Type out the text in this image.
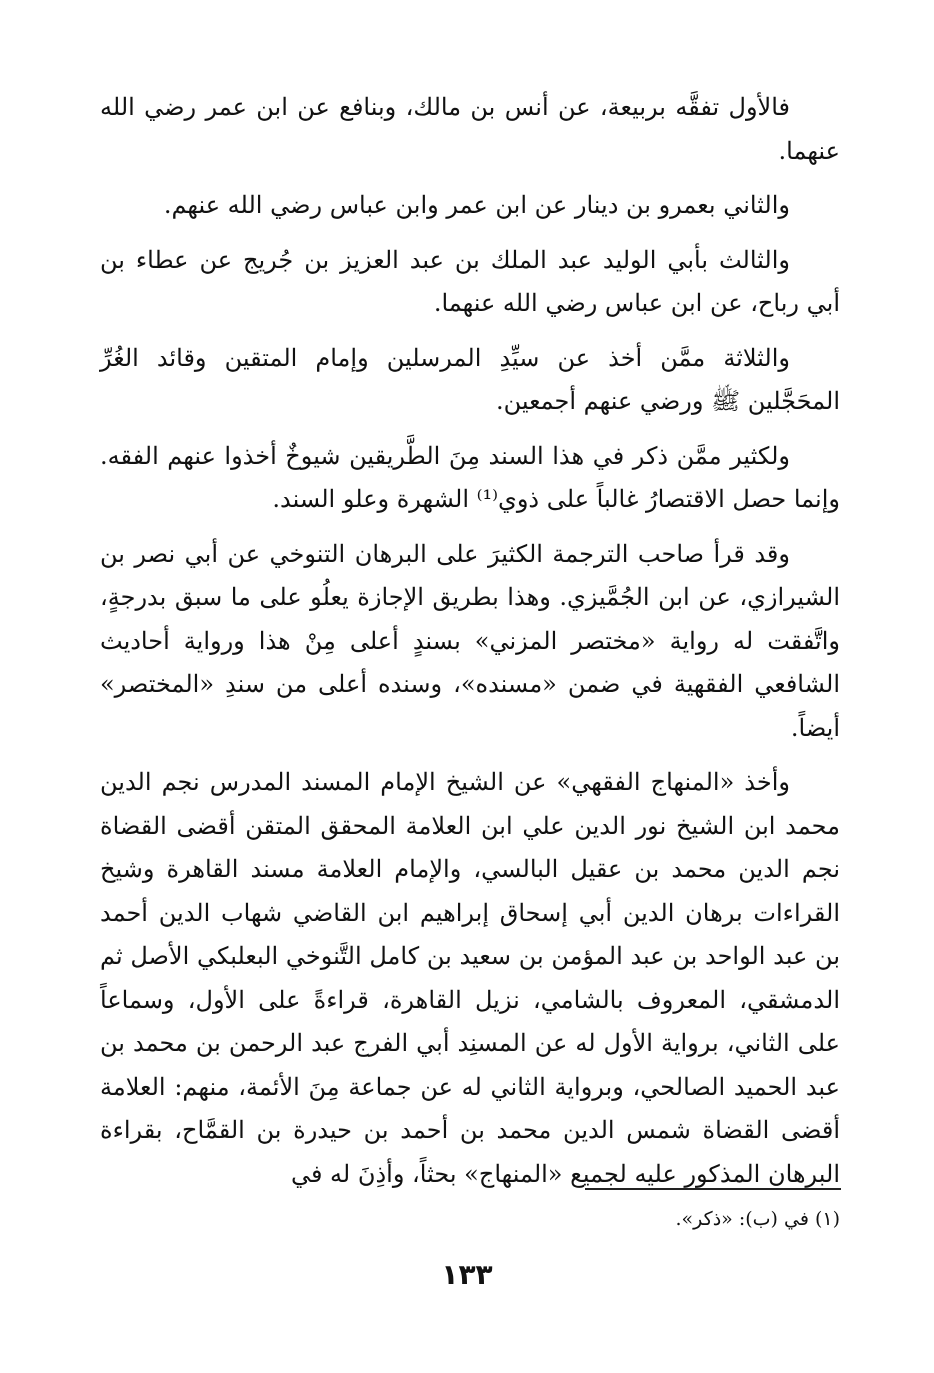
فالأول تفقَّه بربيعة، عن أنس بن مالك، وبنافع عن ابن عمر رضي الله عنهما.

والثاني بعمرو بن دينار عن ابن عمر وابن عباس رضي الله عنهم.

والثالث بأبي الوليد عبد الملك بن عبد العزيز بن جُريج عن عطاء بن أبي رباح، عن ابن عباس رضي الله عنهما.

والثلاثة ممَّن أخذ عن سيِّدِ المرسلين وإمام المتقين وقائد الغُرِّ المحَجَّلين ﷺ ورضي عنهم أجمعين.

ولكثير ممَّن ذكر في هذا السند مِنَ الطَّريقين شيوخٌ أخذوا عنهم الفقه. وإنما حصل الاقتصارُ غالباً على ذوي⁽¹⁾ الشهرة وعلو السند.

وقد قرأ صاحب الترجمة الكثيرَ على البرهان التنوخي عن أبي نصر بن الشيرازي، عن ابن الجُمَّيزي. وهذا بطريق الإجازة يعلُو على ما سبق بدرجةٍ، واتَّفقت له رواية «مختصر المزني» بسندٍ أعلى مِنْ هذا ورواية أحاديث الشافعي الفقهية في ضمن «مسنده»، وسنده أعلى من سندِ «المختصر» أيضاً.

وأخذ «المنهاج الفقهي» عن الشيخ الإمام المسند المدرس نجم الدين محمد ابن الشيخ نور الدين علي ابن العلامة المحقق المتقن أقضى القضاة نجم الدين محمد بن عقيل البالسي، والإمام العلامة مسند القاهرة وشيخ القراءات برهان الدين أبي إسحاق إبراهيم ابن القاضي شهاب الدين أحمد بن عبد الواحد بن عبد المؤمن بن سعيد بن كامل التَّنوخي البعلبكي الأصل ثم الدمشقي، المعروف بالشامي، نزيل القاهرة، قراءةً على الأول، وسماعاً على الثاني، برواية الأول له عن المسنِد أبي الفرج عبد الرحمن بن محمد بن عبد الحميد الصالحي، وبرواية الثاني له عن جماعة مِنَ الأئمة، منهم: العلامة أقضى القضاة شمس الدين محمد بن أحمد بن حيدرة بن القمَّاح، بقراءة البرهان المذكور عليه لجميع «المنهاج» بحثاً، وأذِنَ له في

(١) في (ب): «ذكر».
١٣٣
